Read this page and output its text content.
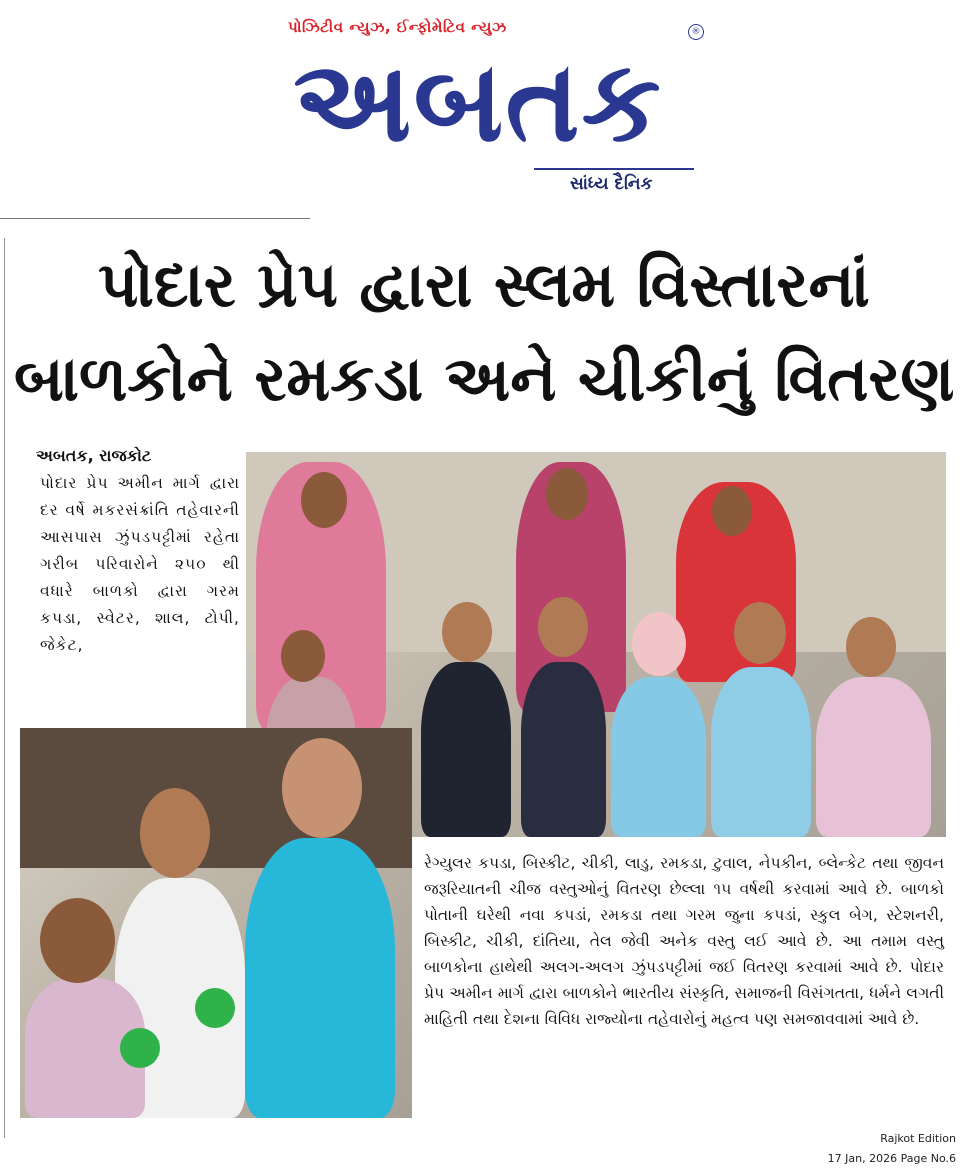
પોઝિટીવ ન્યુઝ, ઈન્ફોમેટિવ ન્યુઝ	®
અબતક
સાંધ્ય દૈનિક
પોદાર પ્રેપ દ્વારા સ્લમ વિસ્તારનાં
બાળકોને રમકડા અને ચીકીનું વિતરણ
અબતક, રાજકોટ
પોદાર પ્રેપ અમીન માર્ગ દ્વારા દર વર્ષે મકરસંક્રાંતિ તહેવારની આસપાસ ઝુંપડપટ્ટીમાં રહેતા ગરીબ પરિવારોને ૨૫૦ થી વધારે બાળકો દ્વારા ગરમ કપડા, સ્વેટર, શાલ, ટોપી, જેકેટ,
રેગ્યુલર કપડા, બિસ્કીટ, ચીકી, લાડુ, રમકડા, ટુવાલ, નેપકીન, બ્લેન્કેટ તથા જીવન જરૂરિયાતની ચીજ વસ્તુઓનું વિતરણ છેલ્લા ૧૫ વર્ષથી કરવામાં આવે છે. બાળકો પોતાની ઘરેથી નવા કપડાં, રમકડા તથા ગરમ જુના કપડાં, સ્કુલ બેગ, સ્ટેશનરી, બિસ્કીટ, ચીકી, દાંતિયા, તેલ જેવી અનેક વસ્તુ લઈ આવે છે. આ તમામ વસ્તુ બાળકોના હાથેથી અલગ-અલગ ઝુંપડપટ્ટીમાં જઈ વિતરણ કરવામાં આવે છે. પોદાર પ્રેપ અમીન માર્ગ દ્વારા બાળકોને ભારતીય સંસ્કૃતિ, સમાજની વિસંગતતા, ધર્મને લગતી માહિતી તથા દેશના વિવિધ રાજ્યોના તહેવારોનું મહત્વ પણ સમજાવવામાં આવે છે.
Rajkot Edition
17 Jan, 2026 Page No.6
